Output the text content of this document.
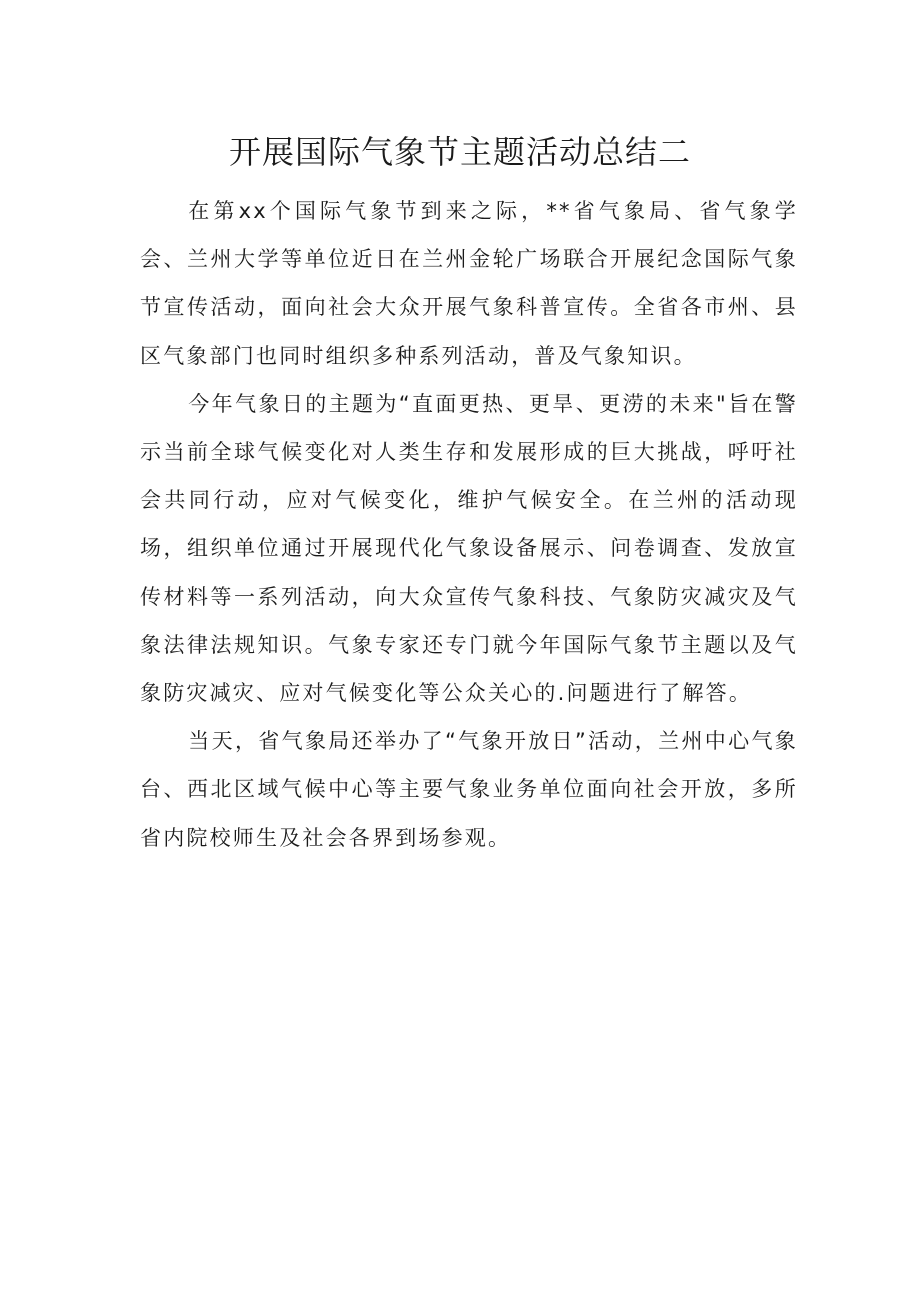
开展国际气象节主题活动总结二

在第xx个国际气象节到来之际，**省气象局、省气象学会、兰州大学等单位近日在兰州金轮广场联合开展纪念国际气象节宣传活动，面向社会大众开展气象科普宣传。全省各市州、县区气象部门也同时组织多种系列活动，普及气象知识。

今年气象日的主题为“直面更热、更旱、更涝的未来"旨在警示当前全球气候变化对人类生存和发展形成的巨大挑战，呼吁社会共同行动，应对气候变化，维护气候安全。在兰州的活动现场，组织单位通过开展现代化气象设备展示、问卷调查、发放宣传材料等一系列活动，向大众宣传气象科技、气象防灾减灾及气象法律法规知识。气象专家还专门就今年国际气象节主题以及气象防灾减灾、应对气候变化等公众关心的.问题进行了解答。

当天，省气象局还举办了“气象开放日”活动，兰州中心气象台、西北区域气候中心等主要气象业务单位面向社会开放，多所省内院校师生及社会各界到场参观。
